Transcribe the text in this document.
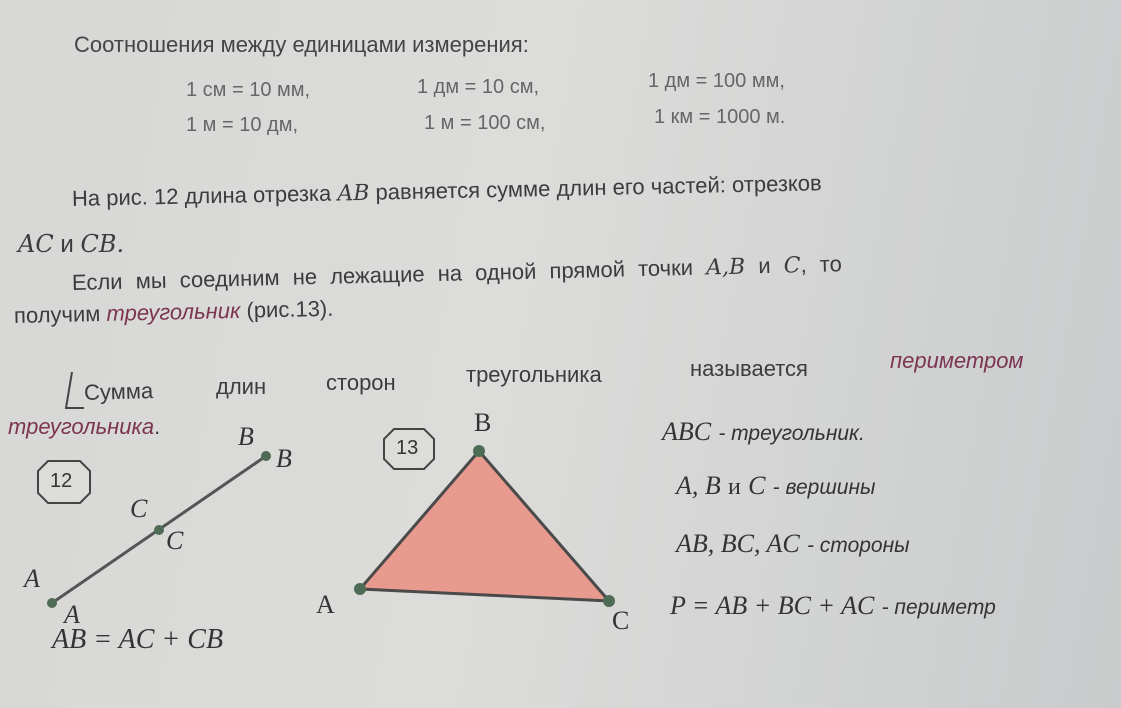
Соотношения между единицами измерения:
1 см = 10 мм,	1 дм = 10 см,	1 дм = 100 мм,
1 м = 10 дм,	1 м = 100 см,	1 км = 1000 м.
На рис. 12 длина отрезка AB равняется сумме длин его частей: отрезков
AC и CB.
Если мы соединим не лежащие на одной прямой точки A,B и C, то
получим треугольник (рис.13).
Сумма	длин	сторон	треугольника	называется	периметром
треугольника.
12
B
B
C
C
A
A
AB = AC + CB
13
B
A
C
ABC - треугольник.
A, B и C - вершины
AB, BC, AC - стороны
P = AB + BC + AC - периметр
